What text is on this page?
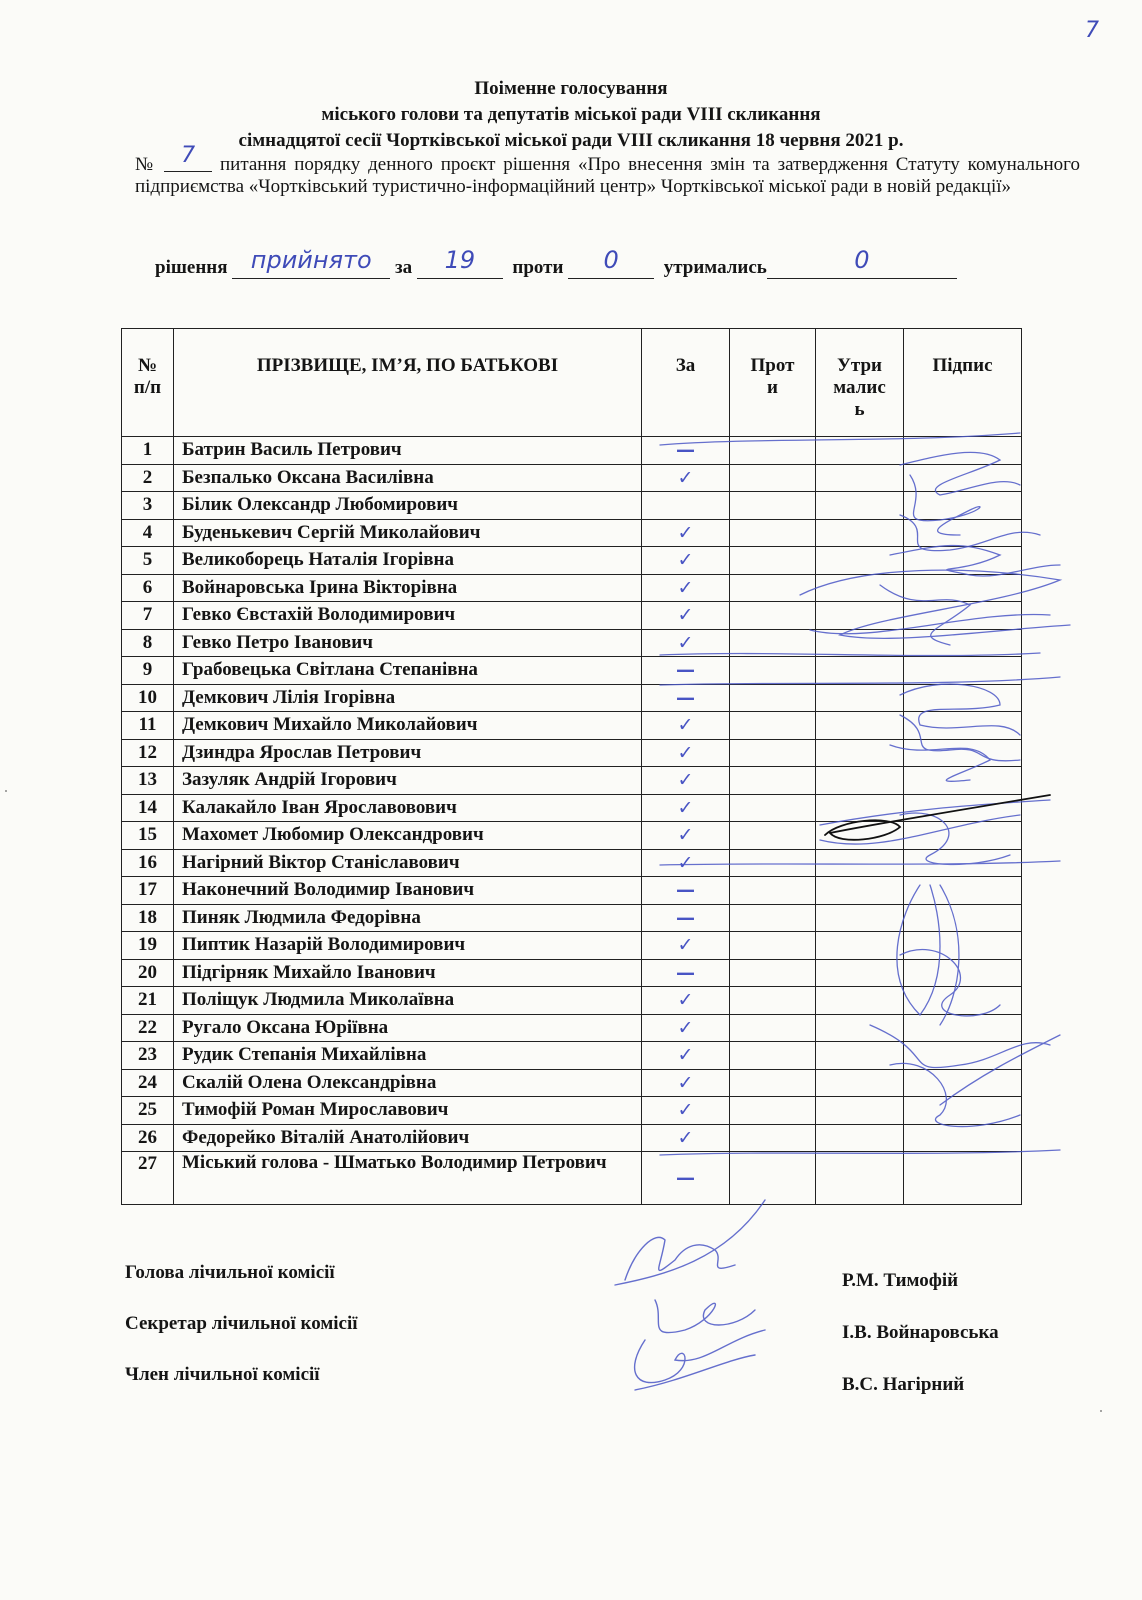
7
Поіменне голосування
міського голови та депутатів міської ради VIII скликання
сімнадцятої сесії Чортківської міської ради VIII скликання 18 червня 2021 р.
№ 7 питання порядку денного проєкт рішення «Про внесення змін та затвердження Статуту комунального підприємства «Чортківський туристично-інформаційний центр» Чортківської міської ради в новій редакції»
рішення прийнято за 19 проти 0 утримались	0
№ п/п	ПРІЗВИЩЕ, ІМ’Я, ПО БАТЬКОВІ	За	Прот и	Утри малис ь	Підпис
1	Батрин Василь Петрович	—			
2	Безпалько Оксана Василівна	✓			
3	Білик Олександр Любомирович				
4	Буденькевич Сергій Миколайович	✓			
5	Великоборець Наталія Ігорівна	✓			
6	Войнаровська Ірина Вікторівна	✓			
7	Гевко Євстахій Володимирович	✓			
8	Гевко Петро Іванович	✓			
9	Грабовецька Світлана Степанівна	—			
10	Демкович Лілія Ігорівна	—			
11	Демкович Михайло Миколайович	✓			
12	Дзиндра Ярослав Петрович	✓			
13	Зазуляк Андрій Ігорович	✓			
14	Калакайло Іван Ярославовович	✓			
15	Махомет Любомир Олександрович	✓			
16	Нагірний Віктор Станіславович	✓			
17	Наконечний Володимир Іванович	—			
18	Пиняк Людмила Федорівна	—			
19	Пиптик Назарій Володимирович	✓			
20	Підгірняк Михайло Іванович	—			
21	Поліщук Людмила Миколаївна	✓			
22	Ругало Оксана Юріївна	✓			
23	Рудик Степанія Михайлівна	✓			
24	Скалій Олена Олександрівна	✓			
25	Тимофій Роман Мирославович	✓			
26	Федорейко Віталій Анатолійович	✓			
27	Міський голова - Шматько Володимир Петрович	—			
Голова лічильної комісії
Секретар лічильної комісії
Член лічильної комісії
Р.М. Тимофій
І.В. Войнаровська
В.С. Нагірний
